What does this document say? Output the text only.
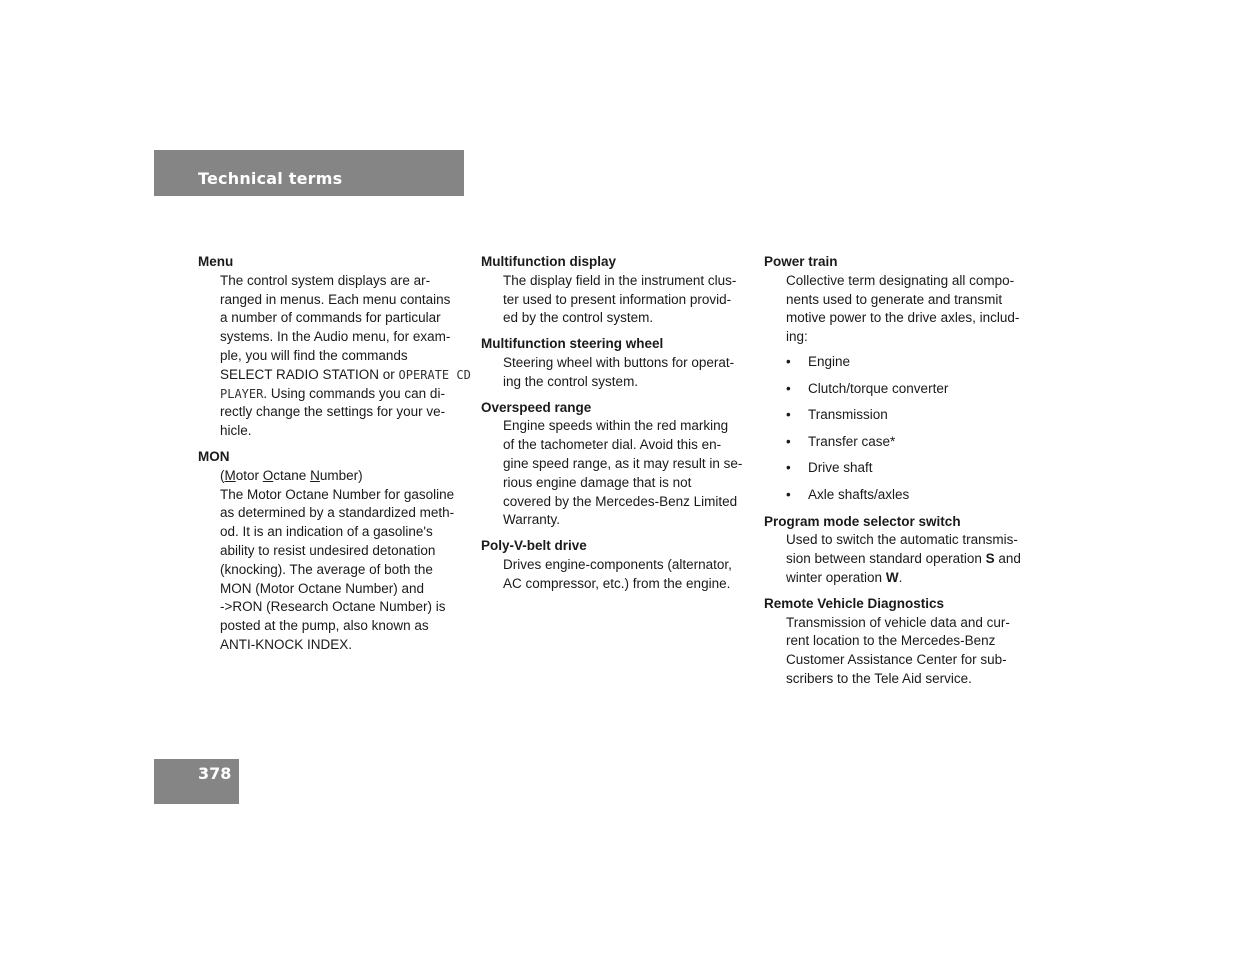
Technical terms

Menu

The control system displays are ar-
ranged in menus. Each menu contains
a number of commands for particular
systems. In the Audio menu, for exam-
ple, you will find the commands
SELECT RADIO STATION or OPERATE CD
PLAYER. Using commands you can di-
rectly change the settings for your ve-
hicle.

MON

(Motor Octane Number)
The Motor Octane Number for gasoline
as determined by a standardized meth-
od. It is an indication of a gasoline's
ability to resist undesired detonation
(knocking). The average of both the
MON (Motor Octane Number) and
->RON (Research Octane Number) is
posted at the pump, also known as
ANTI-KNOCK INDEX.

Multifunction display

The display field in the instrument clus-
ter used to present information provid-
ed by the control system.

Multifunction steering wheel

Steering wheel with buttons for operat-
ing the control system.

Overspeed range

Engine speeds within the red marking
of the tachometer dial. Avoid this en-
gine speed range, as it may result in se-
rious engine damage that is not
covered by the Mercedes-Benz Limited
Warranty.

Poly-V-belt drive

Drives engine-components (alternator,
AC compressor, etc.) from the engine.

Power train

Collective term designating all compo-
nents used to generate and transmit
motive power to the drive axles, includ-
ing:
• Engine
• Clutch/torque converter
• Transmission
• Transfer case*
• Drive shaft
• Axle shafts/axles

Program mode selector switch

Used to switch the automatic transmis-
sion between standard operation S and
winter operation W.

Remote Vehicle Diagnostics

Transmission of vehicle data and cur-
rent location to the Mercedes-Benz
Customer Assistance Center for sub-
scribers to the Tele Aid service.
378
